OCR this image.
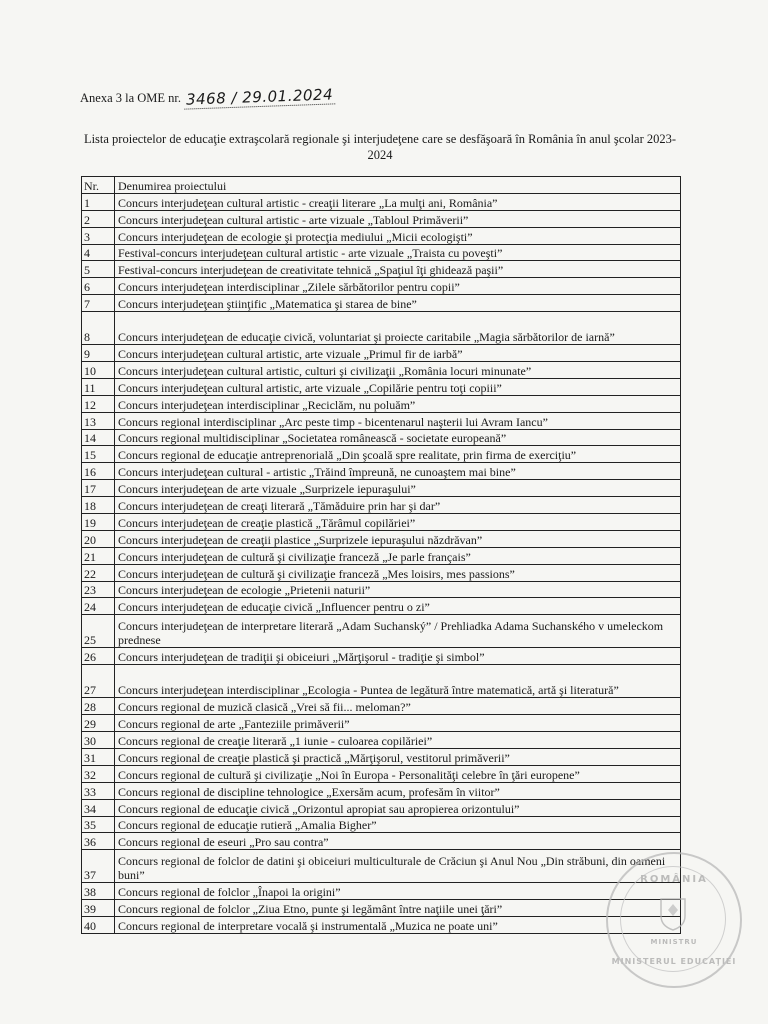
Anexa 3 la OME nr. 3468 / 29.01.2024
Lista proiectelor de educaţie extraşcolară regionale şi interjudeţene care se desfăşoară în România în anul şcolar 2023-2024
Nr.	Denumirea proiectului
1	Concurs interjudeţean cultural artistic - creaţii literare „La mulţi ani, România”
2	Concurs interjudeţean cultural artistic - arte vizuale „Tabloul Primăverii”
3	Concurs interjudeţean de ecologie şi protecţia mediului „Micii ecologişti”
4	Festival-concurs interjudeţean cultural artistic - arte vizuale „Traista cu poveşti”
5	Festival-concurs interjudeţean de creativitate tehnică „Spaţiul îţi ghidează paşii”
6	Concurs interjudeţean interdisciplinar „Zilele sărbătorilor pentru copii”
7	Concurs interjudeţean ştiinţific „Matematica şi starea de bine”
8	Concurs interjudeţean de educaţie civică, voluntariat şi proiecte caritabile „Magia sărbătorilor de iarnă”
9	Concurs interjudeţean cultural artistic, arte vizuale „Primul fir de iarbă”
10	Concurs interjudeţean cultural artistic, culturi şi civilizaţii „România locuri minunate”
11	Concurs interjudeţean cultural artistic, arte vizuale „Copilărie pentru toţi copiii”
12	Concurs interjudeţean interdisciplinar „Reciclăm, nu poluăm”
13	Concurs regional interdisciplinar „Arc peste timp - bicentenarul naşterii lui Avram Iancu”
14	Concurs regional multidisciplinar „Societatea românească - societate europeană”
15	Concurs regional de educaţie antreprenorială „Din şcoală spre realitate, prin firma de exerciţiu”
16	Concurs interjudeţean cultural - artistic „Trăind împreună, ne cunoaştem mai bine”
17	Concurs interjudeţean de arte vizuale „Surprizele iepuraşului”
18	Concurs interjudeţean de creaţi literară „Tămăduire prin har şi dar”
19	Concurs interjudeţean de creaţie plastică „Tărâmul copilăriei”
20	Concurs interjudeţean de creaţii plastice „Surprizele iepuraşului năzdrăvan”
21	Concurs interjudeţean de cultură şi civilizaţie franceză „Je parle français”
22	Concurs interjudeţean de cultură şi civilizaţie franceză „Mes loisirs, mes passions”
23	Concurs interjudeţean de ecologie „Prietenii naturii”
24	Concurs interjudeţean de educaţie civică „Influencer pentru o zi”
25	Concurs interjudeţean de interpretare literară „Adam Suchanský” / Prehliadka Adama Suchanského v umeleckom prednese
26	Concurs interjudeţean de tradiţii şi obiceiuri „Mărţişorul - tradiţie şi simbol”
27	Concurs interjudeţean interdisciplinar „Ecologia - Puntea de legătură între matematică, artă şi literatură”
28	Concurs regional de muzică clasică „Vrei să fii... meloman?”
29	Concurs regional de arte „Fanteziile primăverii”
30	Concurs regional de creaţie literară „1 iunie - culoarea copilăriei”
31	Concurs regional de creaţie plastică şi practică „Mărţişorul, vestitorul primăverii”
32	Concurs regional de cultură şi civilizaţie „Noi în Europa - Personalităţi celebre în ţări europene”
33	Concurs regional de discipline tehnologice „Exersăm acum, profesăm în viitor”
34	Concurs regional de educaţie civică „Orizontul apropiat sau apropierea orizontului”
35	Concurs regional de educaţie rutieră „Amalia Bigher”
36	Concurs regional de eseuri „Pro sau contra”
37	Concurs regional de folclor de datini şi obiceiuri multiculturale de Crăciun şi Anul Nou „Din străbuni, din oameni buni”
38	Concurs regional de folclor „Înapoi la origini”
39	Concurs regional de folclor „Ziua Etno, punte şi legământ între naţiile unei ţări”
40	Concurs regional de interpretare vocală şi instrumentală „Muzica ne poate uni”
ROMÂNIA
MINISTERUL EDUCAŢIEI
MINISTRU
